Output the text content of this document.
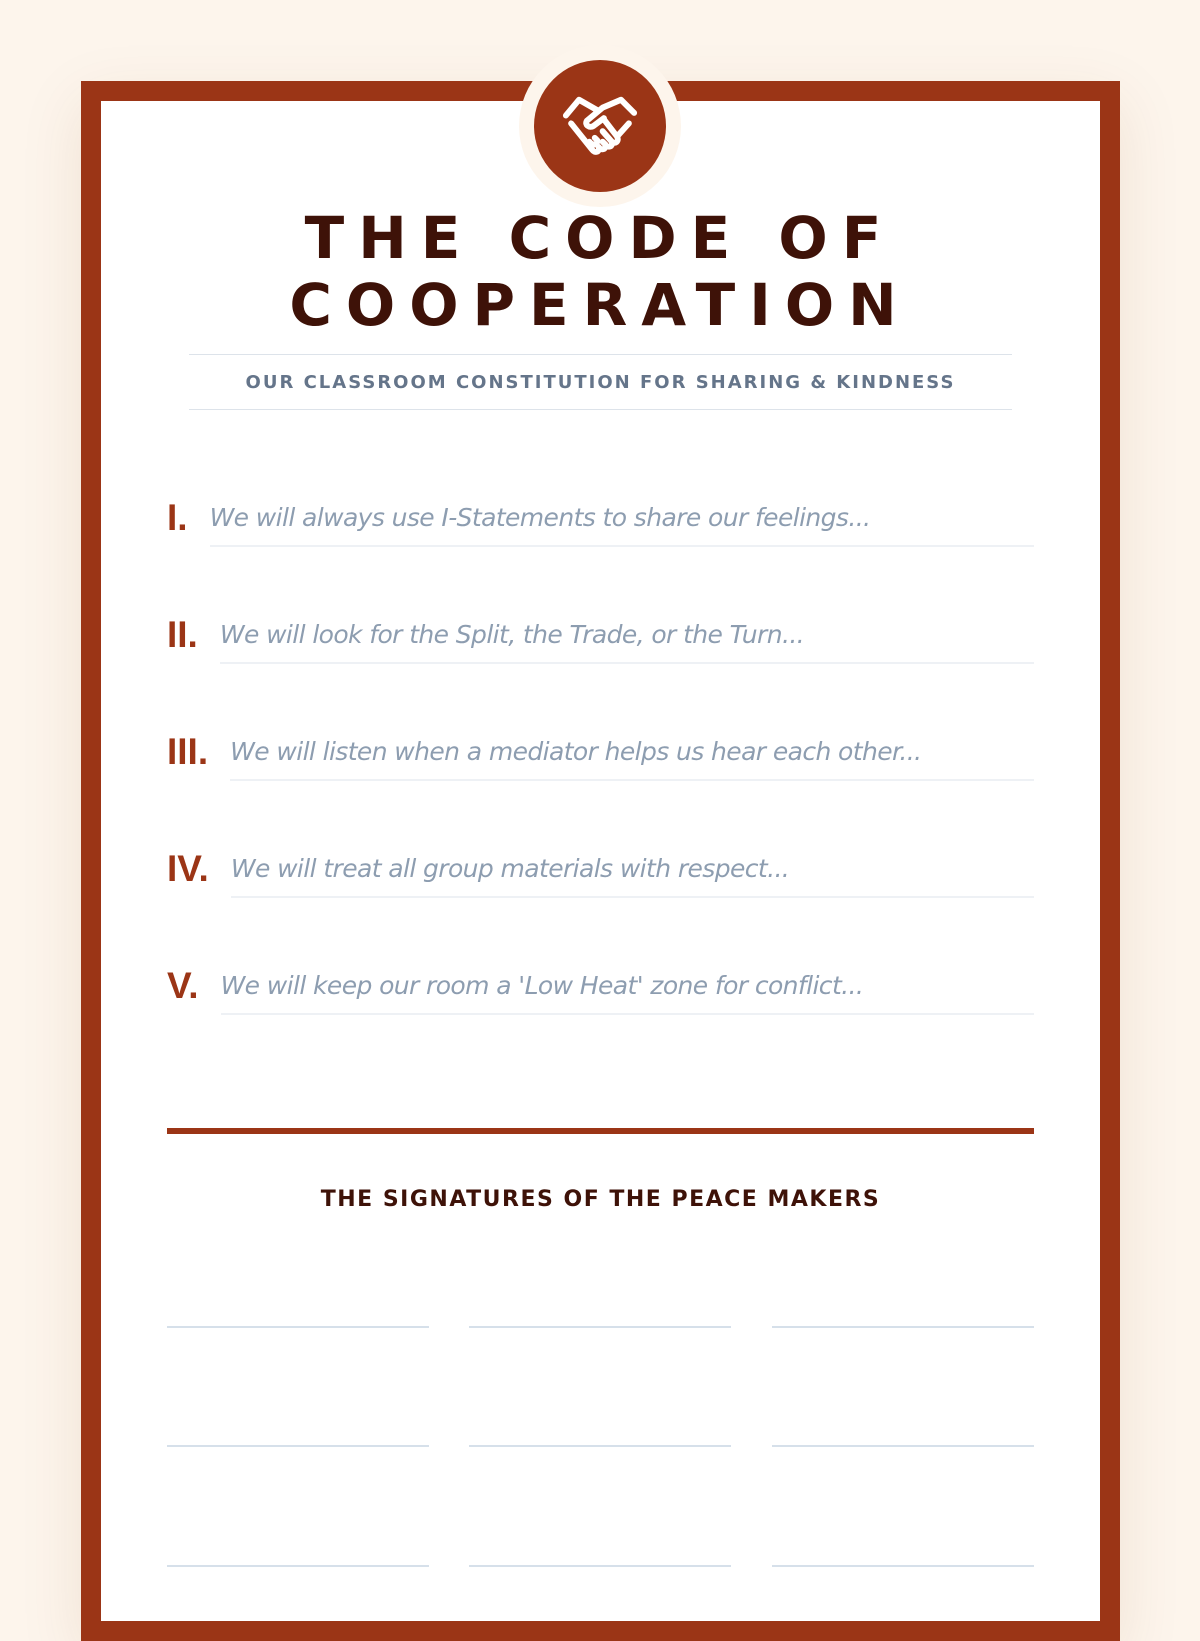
THE CODE OF
COOPERATION
OUR CLASSROOM CONSTITUTION FOR SHARING & KINDNESS
I. We will always use I-Statements to share our feelings...
II. We will look for the Split, the Trade, or the Turn...
III. We will listen when a mediator helps us hear each other...
IV. We will treat all group materials with respect...
V. We will keep our room a 'Low Heat' zone for conflict...
THE SIGNATURES OF THE PEACE MAKERS
